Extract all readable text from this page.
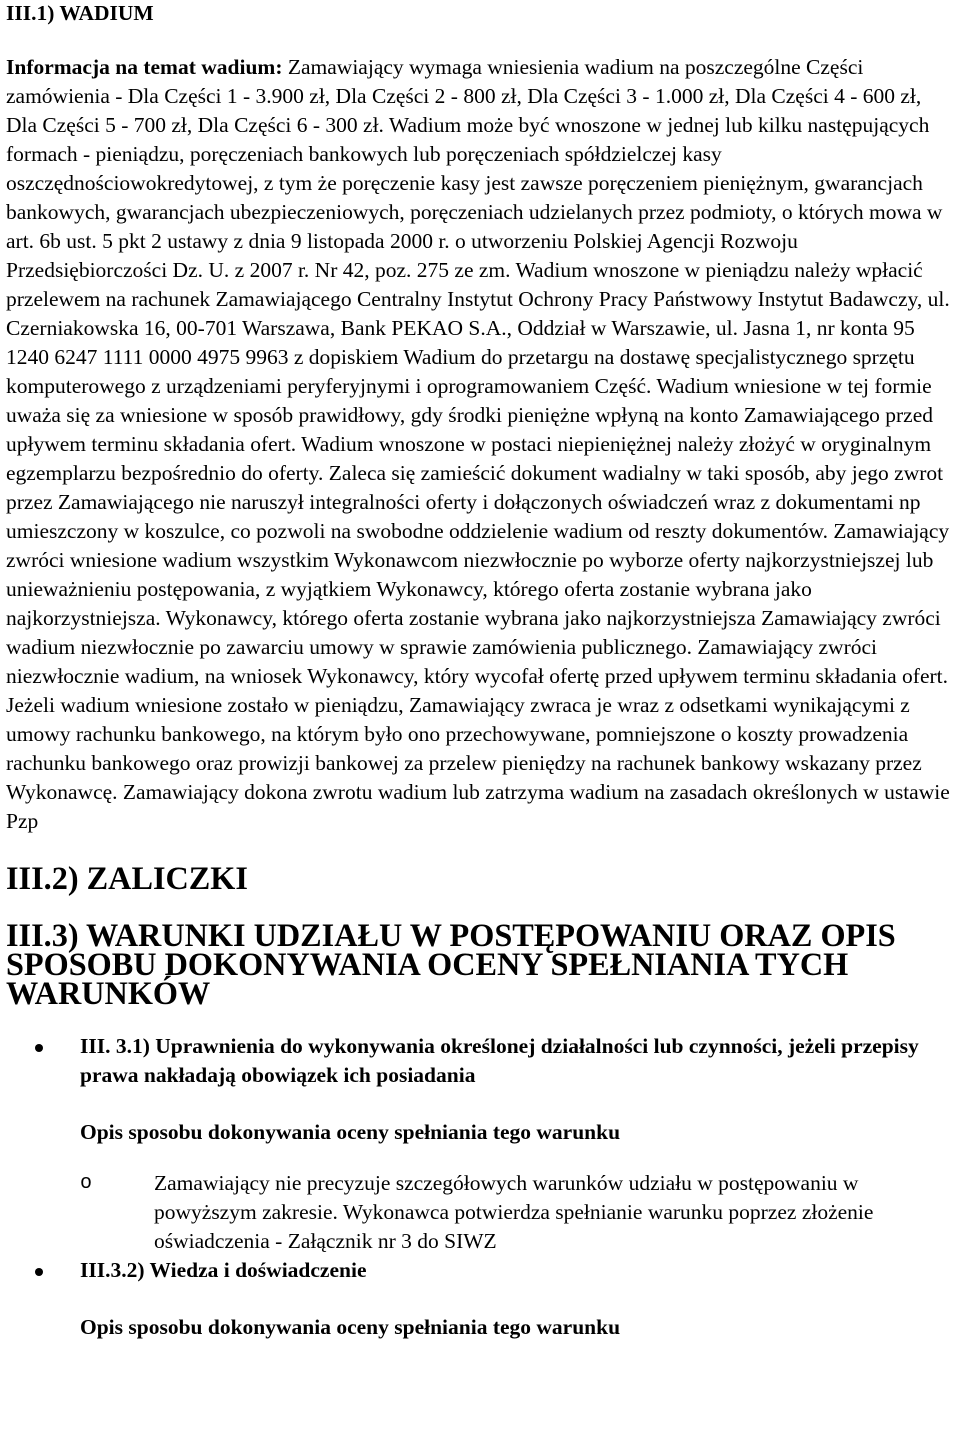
III.1) WADIUM

Informacja na temat wadium: Zamawiający wymaga wniesienia wadium na poszczególne Części zamówienia - Dla Części 1 - 3.900 zł, Dla Części 2 - 800 zł, Dla Części 3 - 1.000 zł, Dla Części 4 - 600 zł, Dla Części 5 - 700 zł, Dla Części 6 - 300 zł. Wadium może być wnoszone w jednej lub kilku następujących formach - pieniądzu, poręczeniach bankowych lub poręczeniach spółdzielczej kasy oszczędnościowokredytowej, z tym że poręczenie kasy jest zawsze poręczeniem pieniężnym, gwarancjach bankowych, gwarancjach ubezpieczeniowych, poręczeniach udzielanych przez podmioty, o których mowa w art. 6b ust. 5 pkt 2 ustawy z dnia 9 listopada 2000 r. o utworzeniu Polskiej Agencji Rozwoju Przedsiębiorczości Dz. U. z 2007 r. Nr 42, poz. 275 ze zm. Wadium wnoszone w pieniądzu należy wpłacić przelewem na rachunek Zamawiającego Centralny Instytut Ochrony Pracy Państwowy Instytut Badawczy, ul. Czerniakowska 16, 00-701 Warszawa, Bank PEKAO S.A., Oddział w Warszawie, ul. Jasna 1, nr konta 95 1240 6247 1111 0000 4975 9963 z dopiskiem Wadium do przetargu na dostawę specjalistycznego sprzętu komputerowego z urządzeniami peryferyjnymi i oprogramowaniem Część. Wadium wniesione w tej formie uważa się za wniesione w sposób prawidłowy, gdy środki pieniężne wpłyną na konto Zamawiającego przed upływem terminu składania ofert. Wadium wnoszone w postaci niepieniężnej należy złożyć w oryginalnym egzemplarzu bezpośrednio do oferty. Zaleca się zamieścić dokument wadialny w taki sposób, aby jego zwrot przez Zamawiającego nie naruszył integralności oferty i dołączonych oświadczeń wraz z dokumentami np umieszczony w koszulce, co pozwoli na swobodne oddzielenie wadium od reszty dokumentów. Zamawiający zwróci wniesione wadium wszystkim Wykonawcom niezwłocznie po wyborze oferty najkorzystniejszej lub unieważnieniu postępowania, z wyjątkiem Wykonawcy, którego oferta zostanie wybrana jako najkorzystniejsza. Wykonawcy, którego oferta zostanie wybrana jako najkorzystniejsza Zamawiający zwróci wadium niezwłocznie po zawarciu umowy w sprawie zamówienia publicznego. Zamawiający zwróci niezwłocznie wadium, na wniosek Wykonawcy, który wycofał ofertę przed upływem terminu składania ofert. Jeżeli wadium wniesione zostało w pieniądzu, Zamawiający zwraca je wraz z odsetkami wynikającymi z umowy rachunku bankowego, na którym było ono przechowywane, pomniejszone o koszty prowadzenia rachunku bankowego oraz prowizji bankowej za przelew pieniędzy na rachunek bankowy wskazany przez Wykonawcę. Zamawiający dokona zwrotu wadium lub zatrzyma wadium na zasadach określonych w ustawie Pzp

III.2) ZALICZKI
III.3) WARUNKI UDZIAŁU W POSTĘPOWANIU ORAZ OPIS SPOSOBU DOKONYWANIA OCENY SPEŁNIANIA TYCH WARUNKÓW
III. 3.1) Uprawnienia do wykonywania określonej działalności lub czynności, jeżeli przepisy prawa nakładają obowiązek ich posiadania
Opis sposobu dokonywania oceny spełniania tego warunku
o	Zamawiający nie precyzuje szczegółowych warunków udziału w postępowaniu w powyższym zakresie. Wykonawca potwierdza spełnianie warunku poprzez złożenie oświadczenia - Załącznik nr 3 do SIWZ
III.3.2) Wiedza i doświadczenie
Opis sposobu dokonywania oceny spełniania tego warunku
